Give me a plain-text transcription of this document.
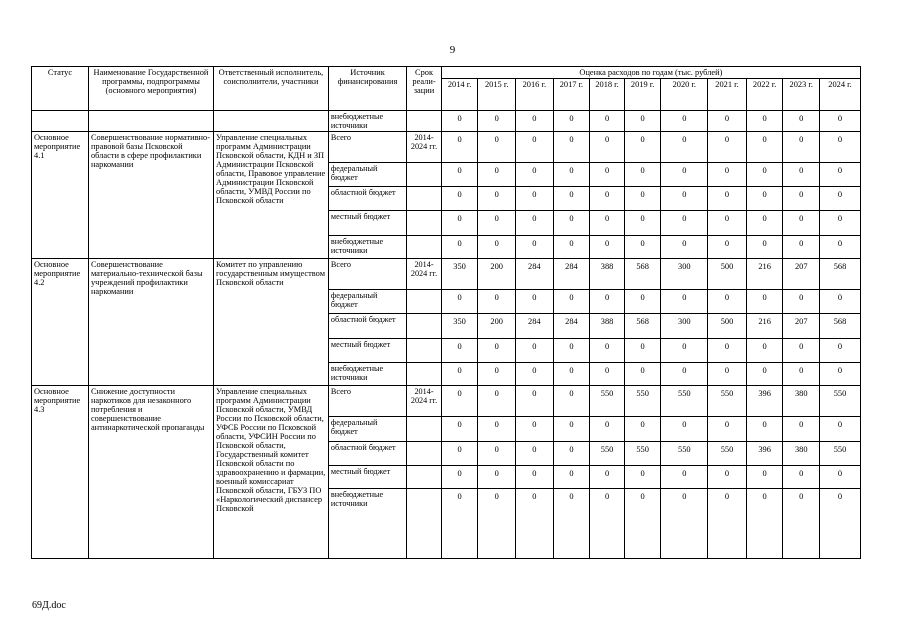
9
Статус	Наименование Государственной программы, подпрограммы (основного мероприятия)	Ответственный исполнитель, соисполнители, участники	Источник финансирования	Срок реали-зации	Оценка расходов по годам (тыс. рублей)										
					2014 г.	2015 г.	2016 г.	2017 г.	2018 г.	2019 г.	2020 г.	2021 г.	2022 г.	2023 г.	2024 г.
			внебюджетные источники		0	0	0	0	0	0	0	0	0	0	0
Основное мероприятие 4.1	Совершенствование нормативно-правовой базы Псковской области в сфере профилактики наркомании	Управление специальных программ Администрации Псковской области, КДН и ЗП Администрации Псковской области, Правовое управление Администрации Псковской области, УМВД России по Псковской области	Всего	2014-2024 гг.	0	0	0	0	0	0	0	0	0	0	0
			федеральный бюджет		0	0	0	0	0	0	0	0	0	0	0
			областной бюджет		0	0	0	0	0	0	0	0	0	0	0
			местный бюджет		0	0	0	0	0	0	0	0	0	0	0
			внебюджетные источники		0	0	0	0	0	0	0	0	0	0	0
Основное мероприятие 4.2	Совершенствование материально-технической базы учреждений профилактики наркомании	Комитет по управлению государственным имуществом Псковской области	Всего	2014-2024 гг.	350	200	284	284	388	568	300	500	216	207	568
			федеральный бюджет		0	0	0	0	0	0	0	0	0	0	0
			областной бюджет		350	200	284	284	388	568	300	500	216	207	568
			местный бюджет		0	0	0	0	0	0	0	0	0	0	0
			внебюджетные источники		0	0	0	0	0	0	0	0	0	0	0
Основное мероприятие 4.3	Снижение доступности наркотиков для незаконного потребления и совершенствование антинаркотической пропаганды	Управление специальных программ Администрации Псковской области, УМВД России по Псковской области, УФСБ России по Псковской области, УФСИН России по Псковской области, Государственный комитет Псковской области по здравоохранению и фармации, военный комиссариат Псковской области, ГБУЗ ПО «Наркологический диспансер Псковской	Всего	2014-2024 гг.	0	0	0	0	550	550	550	550	396	380	550
			федеральный бюджет		0	0	0	0	0	0	0	0	0	0	0
			областной бюджет		0	0	0	0	550	550	550	550	396	380	550
			местный бюджет		0	0	0	0	0	0	0	0	0	0	0
			внебюджетные источники		0	0	0	0	0	0	0	0	0	0	0
69Д.doc
